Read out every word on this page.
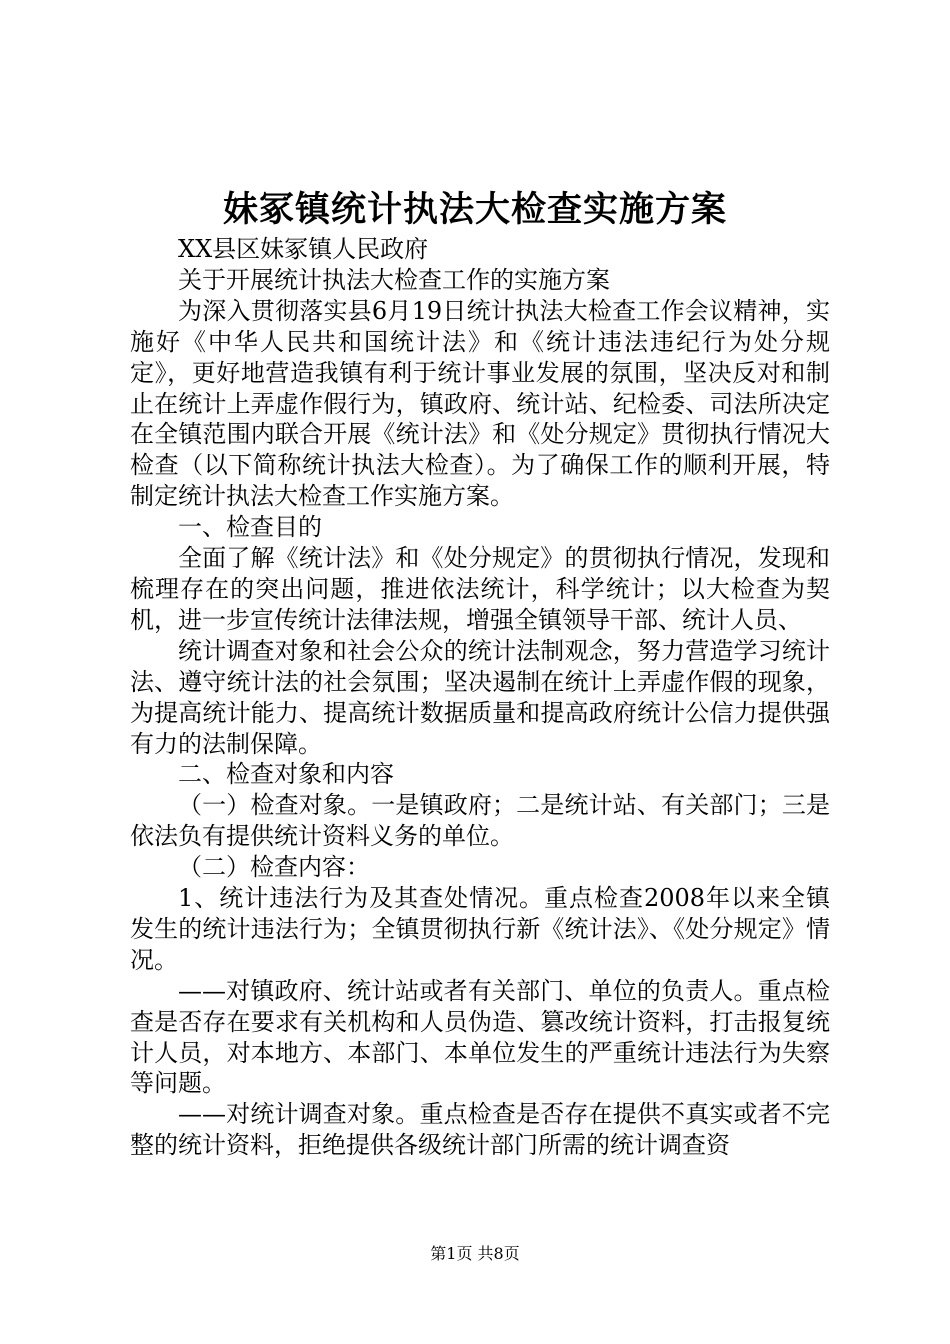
妹冢镇统计执法大检查实施方案

XX县区妹冢镇人民政府

关于开展统计执法大检查工作的实施方案

为深入贯彻落实县6月19日统计执法大检查工作会议精神，实施好《中华人民共和国统计法》和《统计违法违纪行为处分规定》，更好地营造我镇有利于统计事业发展的氛围，坚决反对和制止在统计上弄虚作假行为，镇政府、统计站、纪检委、司法所决定在全镇范围内联合开展《统计法》和《处分规定》贯彻执行情况大检查（以下简称统计执法大检查）。为了确保工作的顺利开展，特制定统计执法大检查工作实施方案。

一、检查目的

全面了解《统计法》和《处分规定》的贯彻执行情况，发现和梳理存在的突出问题，推进依法统计，科学统计；以大检查为契机，进一步宣传统计法律法规，增强全镇领导干部、统计人员、

统计调查对象和社会公众的统计法制观念，努力营造学习统计法、遵守统计法的社会氛围；坚决遏制在统计上弄虚作假的现象，为提高统计能力、提高统计数据质量和提高政府统计公信力提供强有力的法制保障。

二、检查对象和内容

（一）检查对象。一是镇政府；二是统计站、有关部门；三是依法负有提供统计资料义务的单位。

（二）检查内容：

1、统计违法行为及其查处情况。重点检查2008年以来全镇发生的统计违法行为；全镇贯彻执行新《统计法》、《处分规定》情况。

——对镇政府、统计站或者有关部门、单位的负责人。重点检查是否存在要求有关机构和人员伪造、篡改统计资料，打击报复统计人员，对本地方、本部门、本单位发生的严重统计违法行为失察等问题。

——对统计调查对象。重点检查是否存在提供不真实或者不完整的统计资料，拒绝提供各级统计部门所需的统计调查资

第1页 共8页
